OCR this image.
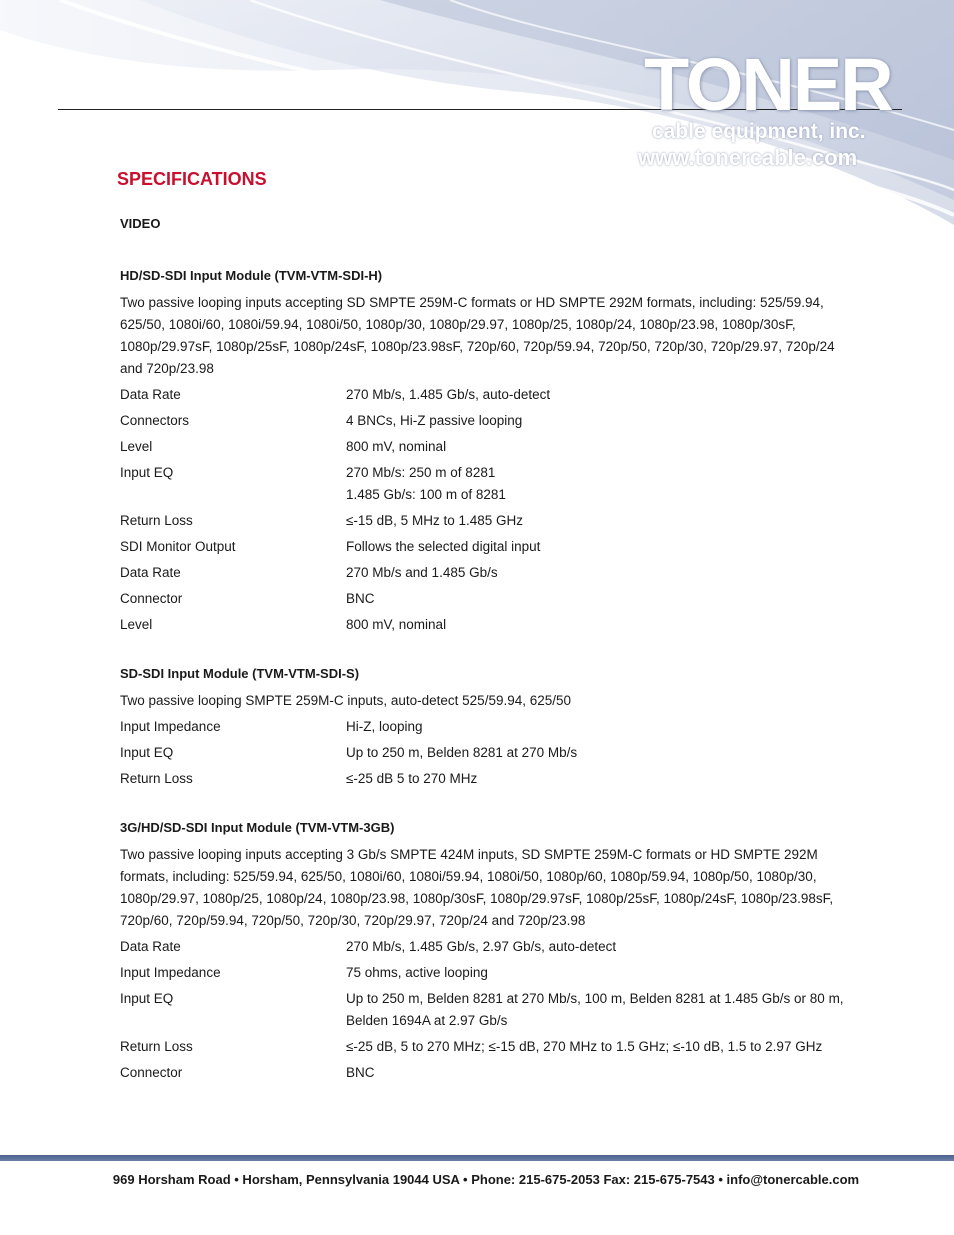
TONER
cable equipment, inc.
www.tonercable.com
SPECIFICATIONS

VIDEO

HD/SD-SDI Input Module (TVM-VTM-SDI-H)

Two passive looping inputs accepting SD SMPTE 259M-C formats or HD SMPTE 292M formats, including: 525/59.94, 625/50, 1080i/60, 1080i/59.94, 1080i/50, 1080p/30, 1080p/29.97, 1080p/25, 1080p/24, 1080p/23.98, 1080p/30sF, 1080p/29.97sF, 1080p/25sF, 1080p/24sF, 1080p/23.98sF, 720p/60, 720p/59.94, 720p/50, 720p/30, 720p/29.97, 720p/24 and 720p/23.98

Data Rate	270 Mb/s, 1.485 Gb/s, auto-detect
Connectors	4 BNCs, Hi-Z passive looping
Level	800 mV, nominal
Input EQ	270 Mb/s: 250 m of 8281
1.485 Gb/s: 100 m of 8281
Return Loss	≤-15 dB, 5 MHz to 1.485 GHz
SDI Monitor Output	Follows the selected digital input
Data Rate	270 Mb/s and 1.485 Gb/s
Connector	BNC
Level	800 mV, nominal

SD-SDI Input Module (TVM-VTM-SDI-S)

Two passive looping SMPTE 259M-C inputs, auto-detect 525/59.94, 625/50

Input Impedance	Hi-Z, looping
Input EQ	Up to 250 m, Belden 8281 at 270 Mb/s
Return Loss	≤-25 dB 5 to 270 MHz

3G/HD/SD-SDI Input Module (TVM-VTM-3GB)

Two passive looping inputs accepting 3 Gb/s SMPTE 424M inputs, SD SMPTE 259M-C formats or HD SMPTE 292M formats, including: 525/59.94, 625/50, 1080i/60, 1080i/59.94, 1080i/50, 1080p/60, 1080p/59.94, 1080p/50, 1080p/30, 1080p/29.97, 1080p/25, 1080p/24, 1080p/23.98, 1080p/30sF, 1080p/29.97sF, 1080p/25sF, 1080p/24sF, 1080p/23.98sF, 720p/60, 720p/59.94, 720p/50, 720p/30, 720p/29.97, 720p/24 and 720p/23.98

Data Rate	270 Mb/s, 1.485 Gb/s, 2.97 Gb/s, auto-detect
Input Impedance	75 ohms, active looping
Input EQ	Up to 250 m, Belden 8281 at 270 Mb/s, 100 m, Belden 8281 at 1.485 Gb/s or 80 m, Belden 1694A at 2.97 Gb/s
Return Loss	≤-25 dB, 5 to 270 MHz; ≤-15 dB, 270 MHz to 1.5 GHz; ≤-10 dB, 1.5 to 2.97 GHz
Connector	BNC
969 Horsham Road • Horsham, Pennsylvania 19044 USA • Phone: 215-675-2053 Fax: 215-675-7543 • info@tonercable.com
